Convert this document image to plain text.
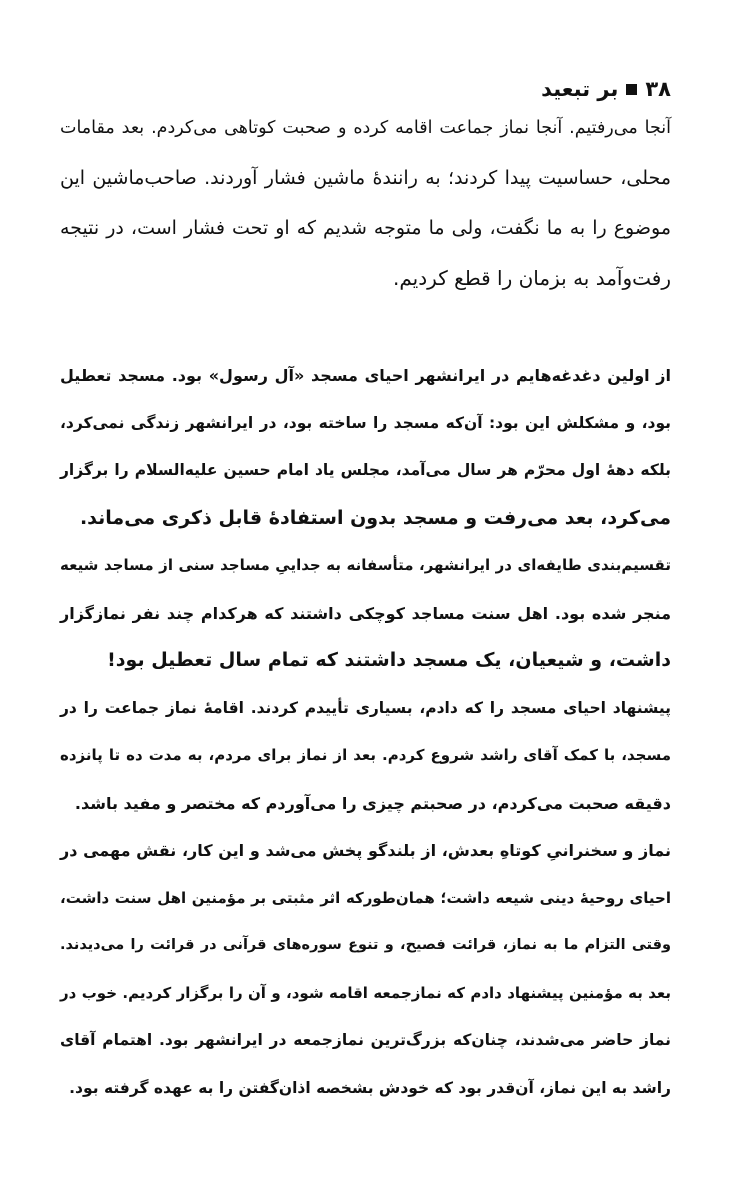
۳۸
بر تبعید
آنجا می‌رفتیم. آنجا نماز جماعت اقامه کرده و صحبت کوتاهی می‌کردم. بعد مقامات
محلی، حساسیت پیدا کردند؛ به رانندهٔ ماشین فشار آوردند. صاحب‌ماشین این
موضوع را به ما نگفت، ولی ما متوجه شدیم که او تحت فشار است، در نتیجه
رفت‌وآمد به بزمان را قطع کردیم.
از اولین دغدغه‌هایم در ایرانشهر احیای مسجد «آل رسول» بود. مسجد تعطیل
بود، و مشکلش این بود: آن‌که مسجد را ساخته بود، در ایرانشهر زندگی نمی‌کرد،
بلکه دههٔ اول محرّم هر سال می‌آمد، مجلس یاد امام حسین علیه‌السلام را برگزار
می‌کرد، بعد می‌رفت و مسجد بدون استفادهٔ قابل ذکری می‌ماند.
تقسیم‌بندی طایفه‌ای در ایرانشهر، متأسفانه به جداییِ مساجد سنی از مساجد شیعه
منجر شده بود. اهل سنت مساجد کوچکی داشتند که هرکدام چند نفر نمازگزار
داشت، و شیعیان، یک مسجد داشتند که تمام سال تعطیل بود!
پیشنهاد احیای مسجد را که دادم، بسیاری تأییدم کردند. اقامهٔ نماز جماعت را در
مسجد، با کمک آقای راشد شروع کردم. بعد از نماز برای مردم، به مدت ده تا پانزده
دقیقه صحبت می‌کردم، در صحبتم چیزی را می‌آوردم که مختصر و مفید باشد.
نماز و سخنرانیِ کوتاهِ بعدش، از بلندگو پخش می‌شد و این کار، نقش مهمی در
احیای روحیهٔ دینی شیعه داشت؛ همان‌طورکه اثر مثبتی بر مؤمنین اهل سنت داشت،
وقتی التزام ما به نماز، قرائت فصیح، و تنوع سوره‌های قرآنی در قرائت را می‌دیدند.
بعد به مؤمنین پیشنهاد دادم که نمازجمعه اقامه شود، و آن را برگزار کردیم. خوب در
نماز حاضر می‌شدند، چنان‌که بزرگ‌ترین نمازجمعه در ایرانشهر بود. اهتمام آقای
راشد به این نماز، آن‌قدر بود که خودش بشخصه اذان‌گفتن را به عهده گرفته بود.
